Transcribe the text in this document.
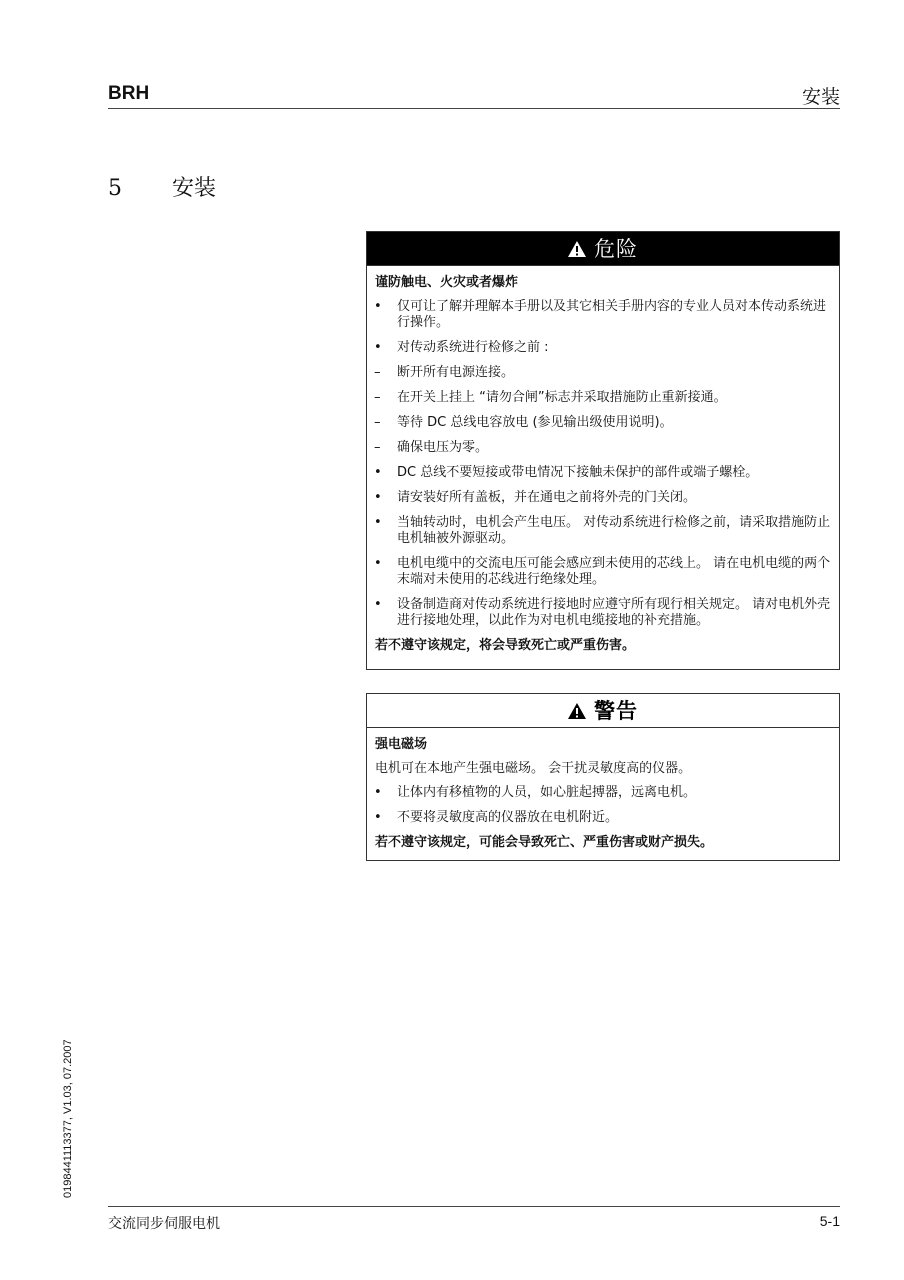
BRH	安装
5 安装
危险
谨防触电、火灾或者爆炸
• 仅可让了解并理解本手册以及其它相关手册内容的专业人员对本传动系统进行操作。
• 对传动系统进行检修之前 :
– 断开所有电源连接。
– 在开关上挂上 “请勿合闸”标志并采取措施防止重新接通。
– 等待 DC 总线电容放电 (参见输出级使用说明)。
– 确保电压为零。
• DC 总线不要短接或带电情况下接触未保护的部件或端子螺栓。
• 请安装好所有盖板，并在通电之前将外壳的门关闭。
• 当轴转动时，电机会产生电压。 对传动系统进行检修之前，请采取措施防止电机轴被外源驱动。
• 电机电缆中的交流电压可能会感应到未使用的芯线上。 请在电机电缆的两个末端对未使用的芯线进行绝缘处理。
• 设备制造商对传动系统进行接地时应遵守所有现行相关规定。 请对电机外壳进行接地处理，以此作为对电机电缆接地的补充措施。
若不遵守该规定，将会导致死亡或严重伤害。
警告
强电磁场
电机可在本地产生强电磁场。 会干扰灵敏度高的仪器。
• 让体内有移植物的人员，如心脏起搏器，远离电机。
• 不要将灵敏度高的仪器放在电机附近。
若不遵守该规定，可能会导致死亡、严重伤害或财产损失。
0198441113377, V1.03, 07.2007
交流同步伺服电机	5-1
